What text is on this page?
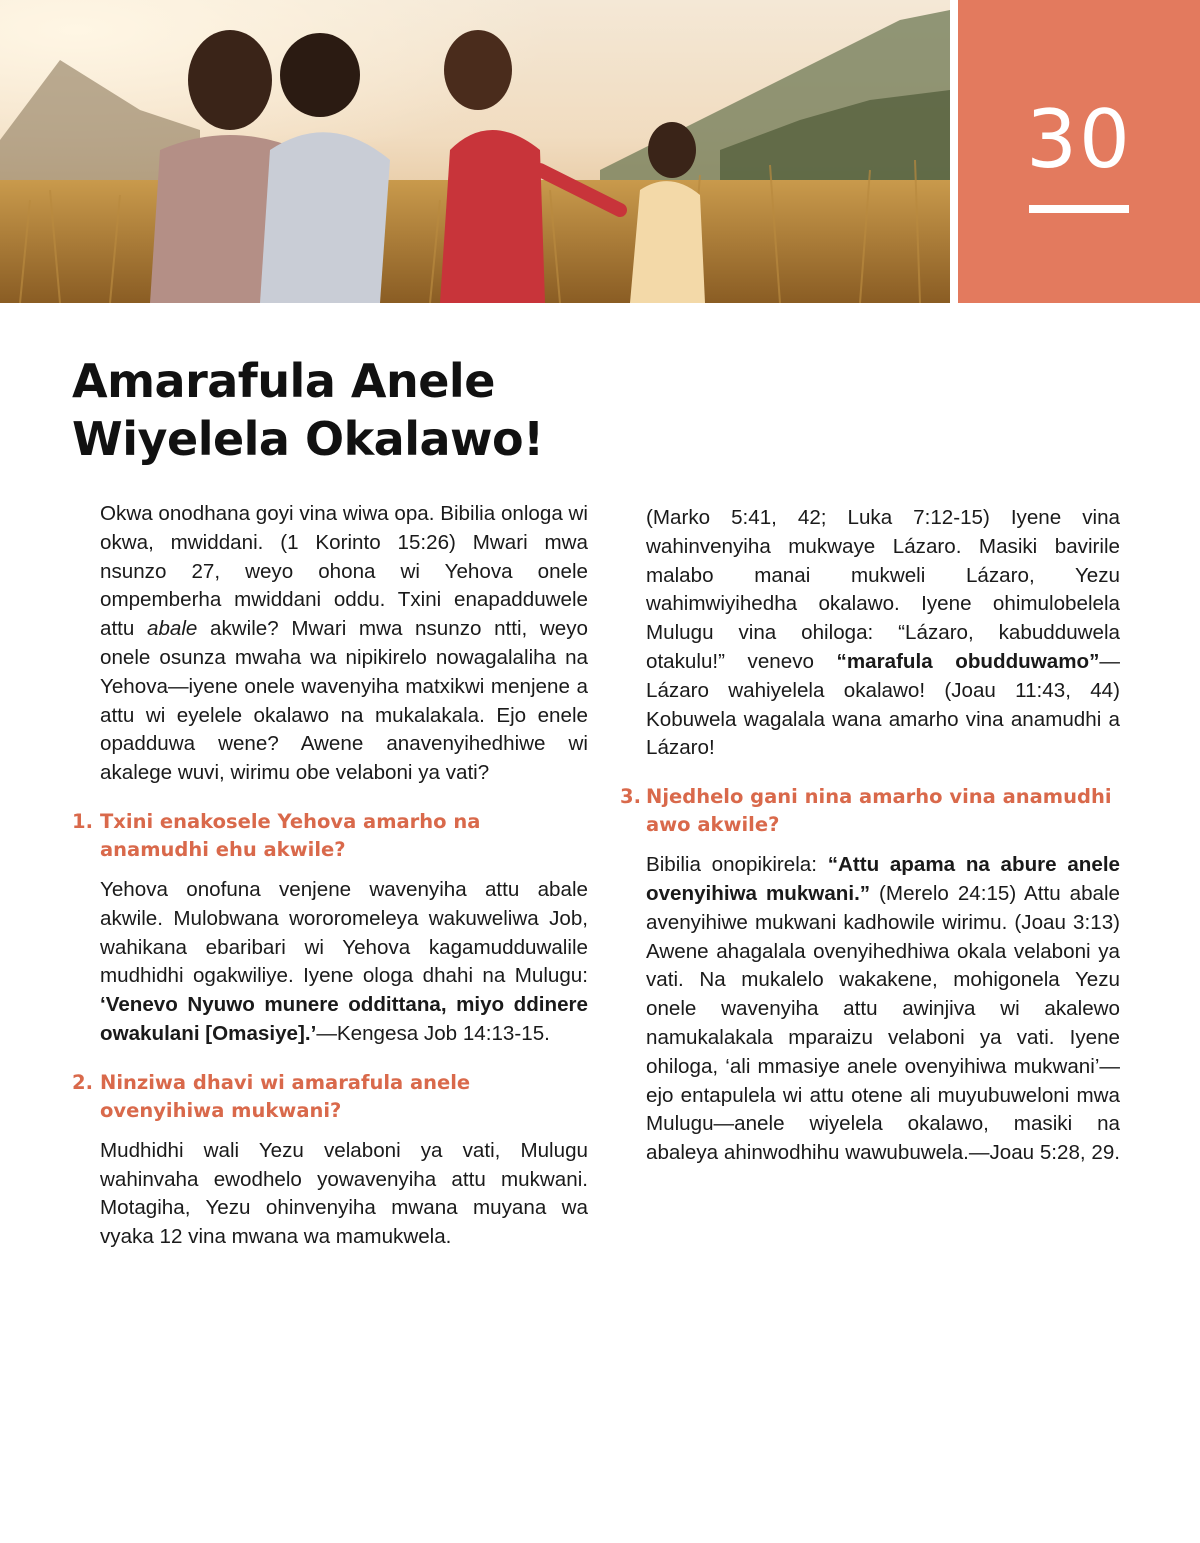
30
Amarafula Anele
Wiyelela Okalawo!

Okwa onodhana goyi vina wiwa opa. Bibilia onloga wi okwa, mwiddani. (1 Korinto 15:26) Mwari mwa nsunzo 27, weyo ohona wi Yehova onele ompemberha mwiddani oddu. Txini enapadduwele attu abale akwile? Mwari mwa nsunzo ntti, weyo onele osunza mwaha wa nipikirelo nowagalaliha na Yehova—iyene onele wavenyiha matxikwi menjene a attu wi eyelele okalawo na mukalakala. Ejo enele opadduwa wene? Awene anavenyihedhiwe wi akalege wuvi, wirimu obe velaboni ya vati?

1. Txini enakosele Yehova amarho na anamudhi ehu akwile?

Yehova onofuna venjene wavenyiha attu abale akwile. Mulobwana wororomeleya wakuweliwa Job, wahikana ebaribari wi Yehova kagamudduwalile mudhidhi ogakwiliye. Iyene ologa dhahi na Mulugu: ‘Venevo Nyuwo munere oddittana, miyo ddinere owakulani [Omasiye].’—Kengesa Job 14:13-15.

2. Ninziwa dhavi wi amarafula anele ovenyihiwa mukwani?

Mudhidhi wali Yezu velaboni ya vati, Mulugu wahinvaha ewodhelo yowavenyiha attu mukwani. Motagiha, Yezu ohinvenyiha mwana muyana wa vyaka 12 vina mwana wa mamukwela.

(Marko 5:41, 42; Luka 7:12-15) Iyene vina wahinvenyiha mukwaye Lázaro. Masiki bavirile malabo manai mukweli Lázaro, Yezu wahimwiyihedha okalawo. Iyene ohimulobelela Mulugu vina ohiloga: “Lázaro, kabudduwela otakulu!” venevo “marafula obudduwamo”—Lázaro wahiyelela okalawo! (Joau 11:43, 44) Kobuwela wagalala wana amarho vina anamudhi a Lázaro!

3. Njedhelo gani nina amarho vina anamudhi awo akwile?

Bibilia onopikirela: “Attu apama na abure anele ovenyihiwa mukwani.” (Merelo 24:15) Attu abale avenyihiwe mukwani kadhowile wirimu. (Joau 3:13) Awene ahagalala ovenyihedhiwa okala velaboni ya vati. Na mukalelo wakakene, mohigonela Yezu onele wavenyiha attu awinjiva wi akalewo namukalakala mparaizu velaboni ya vati. Iyene ohiloga, ‘ali mmasiye anele ovenyihiwa mukwani’—ejo entapulela wi attu otene ali muyubuweloni mwa Mulugu—anele wiyelela okalawo, masiki na abaleya ahinwodhihu wawubuwela.—Joau 5:28, 29.
